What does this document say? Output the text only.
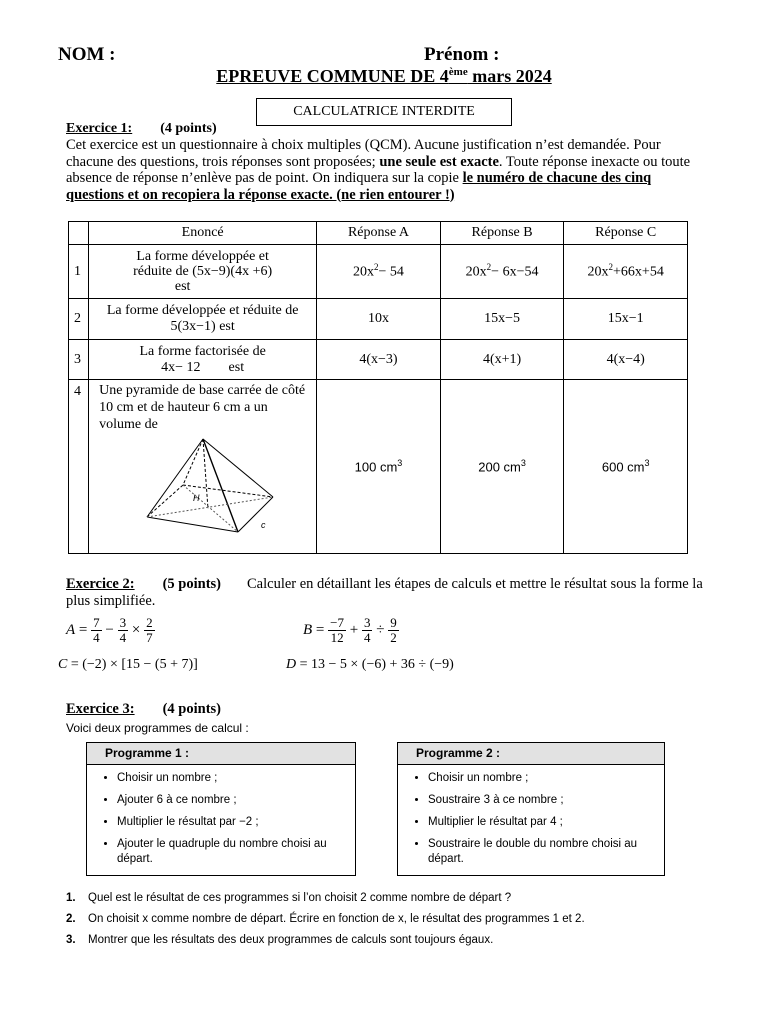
NOM :	Prénom :
EPREUVE COMMUNE DE 4ème mars 2024
CALCULATRICE INTERDITE
Exercice 1: (4 points)
Cet exercice est un questionnaire à choix multiples (QCM). Aucune justification n’est demandée. Pour chacune des questions, trois réponses sont proposées; une seule est exacte. Toute réponse inexacte ou toute absence de réponse n’enlève pas de point. On indiquera sur la copie le numéro de chacune des cinq questions et on recopiera la réponse exacte. (ne rien entourer !)
	Enoncé	Réponse A	Réponse B	Réponse C
1	La forme développée et
réduite de (5x−9)(4x +6)
est	$20x^2- 54$	$20x^2- 6x-54$	$20x^2+66x+54$
2	La forme développée et réduite de
5(3x−1) est	10x	15x−5	15x−1
3	La forme factorisée de
4x− 12        est	4(x−3)	4(x+1)	4(x−4)
4	Une pyramide de base carrée de côté 10 cm et de hauteur 6 cm a un volume de
H
c	100 $cm^3$	200 $cm^3$	600 $cm^3$
Exercice 2: (5 points) Calculer en détaillant les étapes de calculs et mettre le résultat sous la forme la plus simplifiée.
$A = \frac{7}{4} - \frac{3}{4} \times \frac{2}{7}$	$B = \frac{-7}{12} + \frac{3}{4} \div \frac{9}{2}$
C = (−2) × [15 − (5 + 7)]	D = 13 − 5 × (−6) + 36 ÷ (−9)
Exercice 3: (4 points)
Voici deux programmes de calcul :
Programme 1 :
• Choisir un nombre ;
• Ajouter 6 à ce nombre ;
• Multiplier le résultat par −2 ;
• Ajouter le quadruple du nombre choisi au départ.
Programme 2 :
• Choisir un nombre ;
• Soustraire 3 à ce nombre ;
• Multiplier le résultat par 4 ;
• Soustraire le double du nombre choisi au départ.
1. Quel est le résultat de ces programmes si l’on choisit 2 comme nombre de départ ?
2. On choisit x comme nombre de départ. Écrire en fonction de x, le résultat des programmes 1 et 2.
3. Montrer que les résultats des deux programmes de calculs sont toujours égaux.
